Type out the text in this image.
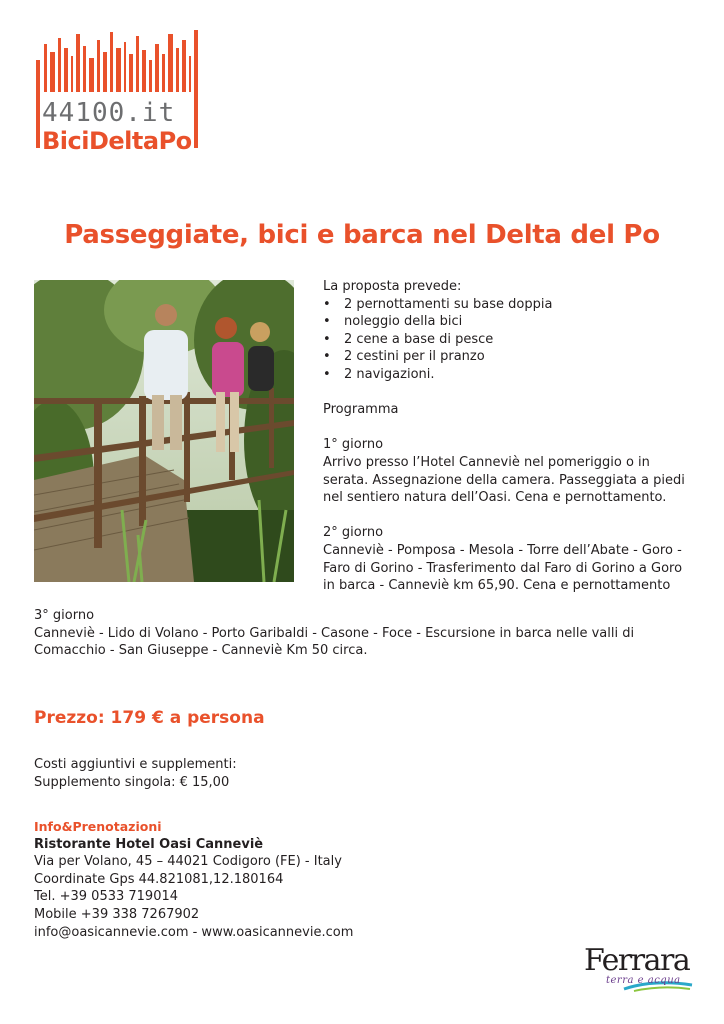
44100.it
BiciDeltaPo
Passeggiate, bici e barca nel Delta del Po

La proposta prevede:

• 2 pernottamenti su base doppia
• noleggio della bici
• 2 cene a base di pesce
• 2 cestini per il pranzo
• 2 navigazioni.

Programma

1° giorno

Arrivo presso l’Hotel Canneviè nel pomeriggio o in serata. Assegnazione della camera. Passeggiata a piedi nel sentiero natura dell’Oasi. Cena e pernottamento.

2° giorno

Canneviè - Pomposa - Mesola - Torre dell’Abate - Goro - Faro di Gorino - Trasferimento dal Faro di Gorino a Goro in barca - Canneviè km 65,90. Cena e pernottamento

3° giorno

Canneviè - Lido di Volano - Porto Garibaldi - Casone - Foce - Escursione in barca nelle valli di Comacchio - San Giuseppe - Canneviè Km 50 circa.

Prezzo: 179 € a persona

Costi aggiuntivi e supplementi:

Supplemento singola: € 15,00

Info&Prenotazioni

Ristorante Hotel Oasi Canneviè

Via per Volano, 45 – 44021 Codigoro (FE) - Italy

Coordinate Gps 44.821081,12.180164

Tel. +39 0533 719014

Mobile +39 338 7267902

info@oasicannevie.com - www.oasicannevie.com

Ferrara
terra e acqua
